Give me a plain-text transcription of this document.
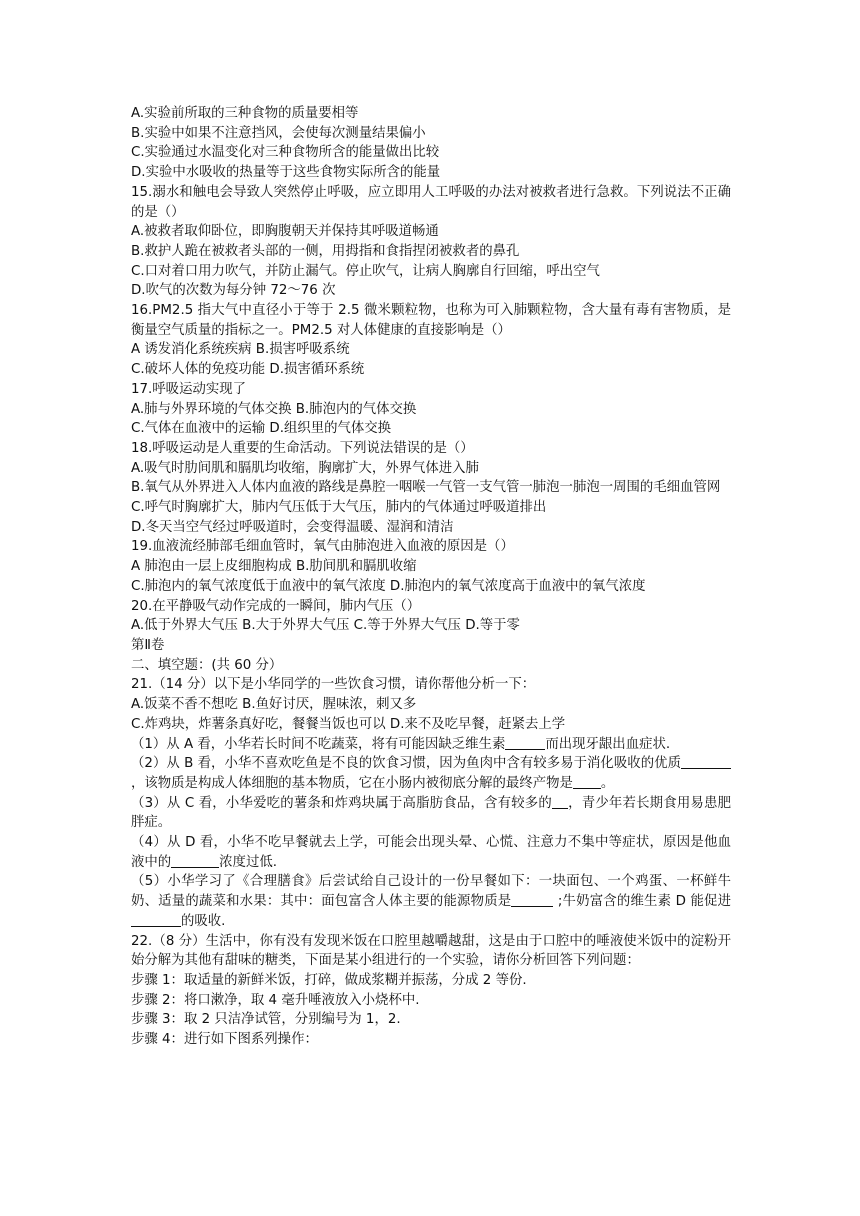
A.实验前所取的三种食物的质量要相等
B.实验中如果不注意挡风，会使每次测量结果偏小
C.实验通过水温变化对三种食物所含的能量做出比较
D.实验中水吸收的热量等于这些食物实际所含的能量
15.溺水和触电会导致人突然停止呼吸，应立即用人工呼吸的办法对被救者进行急救。下列说法不正确的是（）
A.被救者取仰卧位，即胸腹朝天并保持其呼吸道畅通
B.救护人跪在被救者头部的一侧，用拇指和食指捏闭被救者的鼻孔
C.口对着口用力吹气，并防止漏气。停止吹气，让病人胸廓自行回缩，呼出空气
D.吹气的次数为每分钟 72～76 次
16.PM2.5 指大气中直径小于等于 2.5 微米颗粒物，也称为可入肺颗粒物，含大量有毒有害物质，是衡量空气质量的指标之一。PM2.5 对人体健康的直接影响是（）
A 诱发消化系统疾病 B.损害呼吸系统
C.破坏人体的免疫功能 D.损害循环系统
17.呼吸运动实现了
A.肺与外界环境的气体交换 B.肺泡内的气体交换
C.气体在血液中的运输 D.组织里的气体交换
18.呼吸运动是人重要的生命活动。下列说法错误的是（）
A.吸气时肋间肌和膈肌均收缩，胸廓扩大，外界气体进入肺
B.氧气从外界进入人体内血液的路线是鼻腔一咽喉一气管一支气管一肺泡一肺泡一周围的毛细血管网
C.呼气时胸廓扩大，肺内气压低于大气压，肺内的气体通过呼吸道排出
D.冬天当空气经过呼吸道时，会变得温暖、湿润和清洁
19.血液流经肺部毛细血管时，氧气由肺泡进入血液的原因是（）
A 肺泡由一层上皮细胞构成 B.肋间肌和膈肌收缩
C.肺泡内的氧气浓度低于血液中的氧气浓度 D.肺泡内的氧气浓度高于血液中的氧气浓度
20.在平静吸气动作完成的一瞬间，肺内气压（）
A.低于外界大气压 B.大于外界大气压 C.等于外界大气压 D.等于零
第Ⅱ卷
二、填空题：(共 60 分）
21.（14 分）以下是小华同学的一些饮食习惯，请你帮他分析一下：
A.饭菜不香不想吃 B.鱼好讨厌，腥味浓，刺又多
C.炸鸡块，炸薯条真好吃，餐餐当饭也可以 D.来不及吃早餐，赶紧去上学
（1）从 A 看，小华若长时间不吃蔬菜，将有可能因缺乏维生素	而出现牙龈出血症状.
（2）从 B 看，小华不喜欢吃鱼是不良的饮食习惯，因为鱼肉中含有较多易于消化吸收的优质，该物质是构成人体细胞的基本物质，它在小肠内被彻底分解的最终产物是 。
（3）从 C 看，小华爱吃的薯条和炸鸡块属于高脂肪食品，含有较多的 ，青少年若长期食用易患肥胖症。
（4）从 D 看，小华不吃早餐就去上学，可能会出现头晕、心慌、注意力不集中等症状，原因是他血液中的	浓度过低.
（5）小华学习了《合理膳食》后尝试给自己设计的一份早餐如下：一块面包、一个鸡蛋、一杯鲜牛奶、适量的蔬菜和水果：其中：面包富含人体主要的能源物质是	;牛奶富含的维生素 D 能促进的吸收.
22.（8 分）生活中，你有没有发现米饭在口腔里越嚼越甜，这是由于口腔中的唾液使米饭中的淀粉开始分解为其他有甜味的糖类，下面是某小组进行的一个实验，请你分析回答下列问题：
步骤 1：取适量的新鲜米饭，打碎，做成浆糊并振荡，分成 2 等份.
步骤 2：将口漱净，取 4 毫升唾液放入小烧杯中.
步骤 3：取 2 只洁净试管，分别编号为 1，2.
步骤 4：进行如下图系列操作：
